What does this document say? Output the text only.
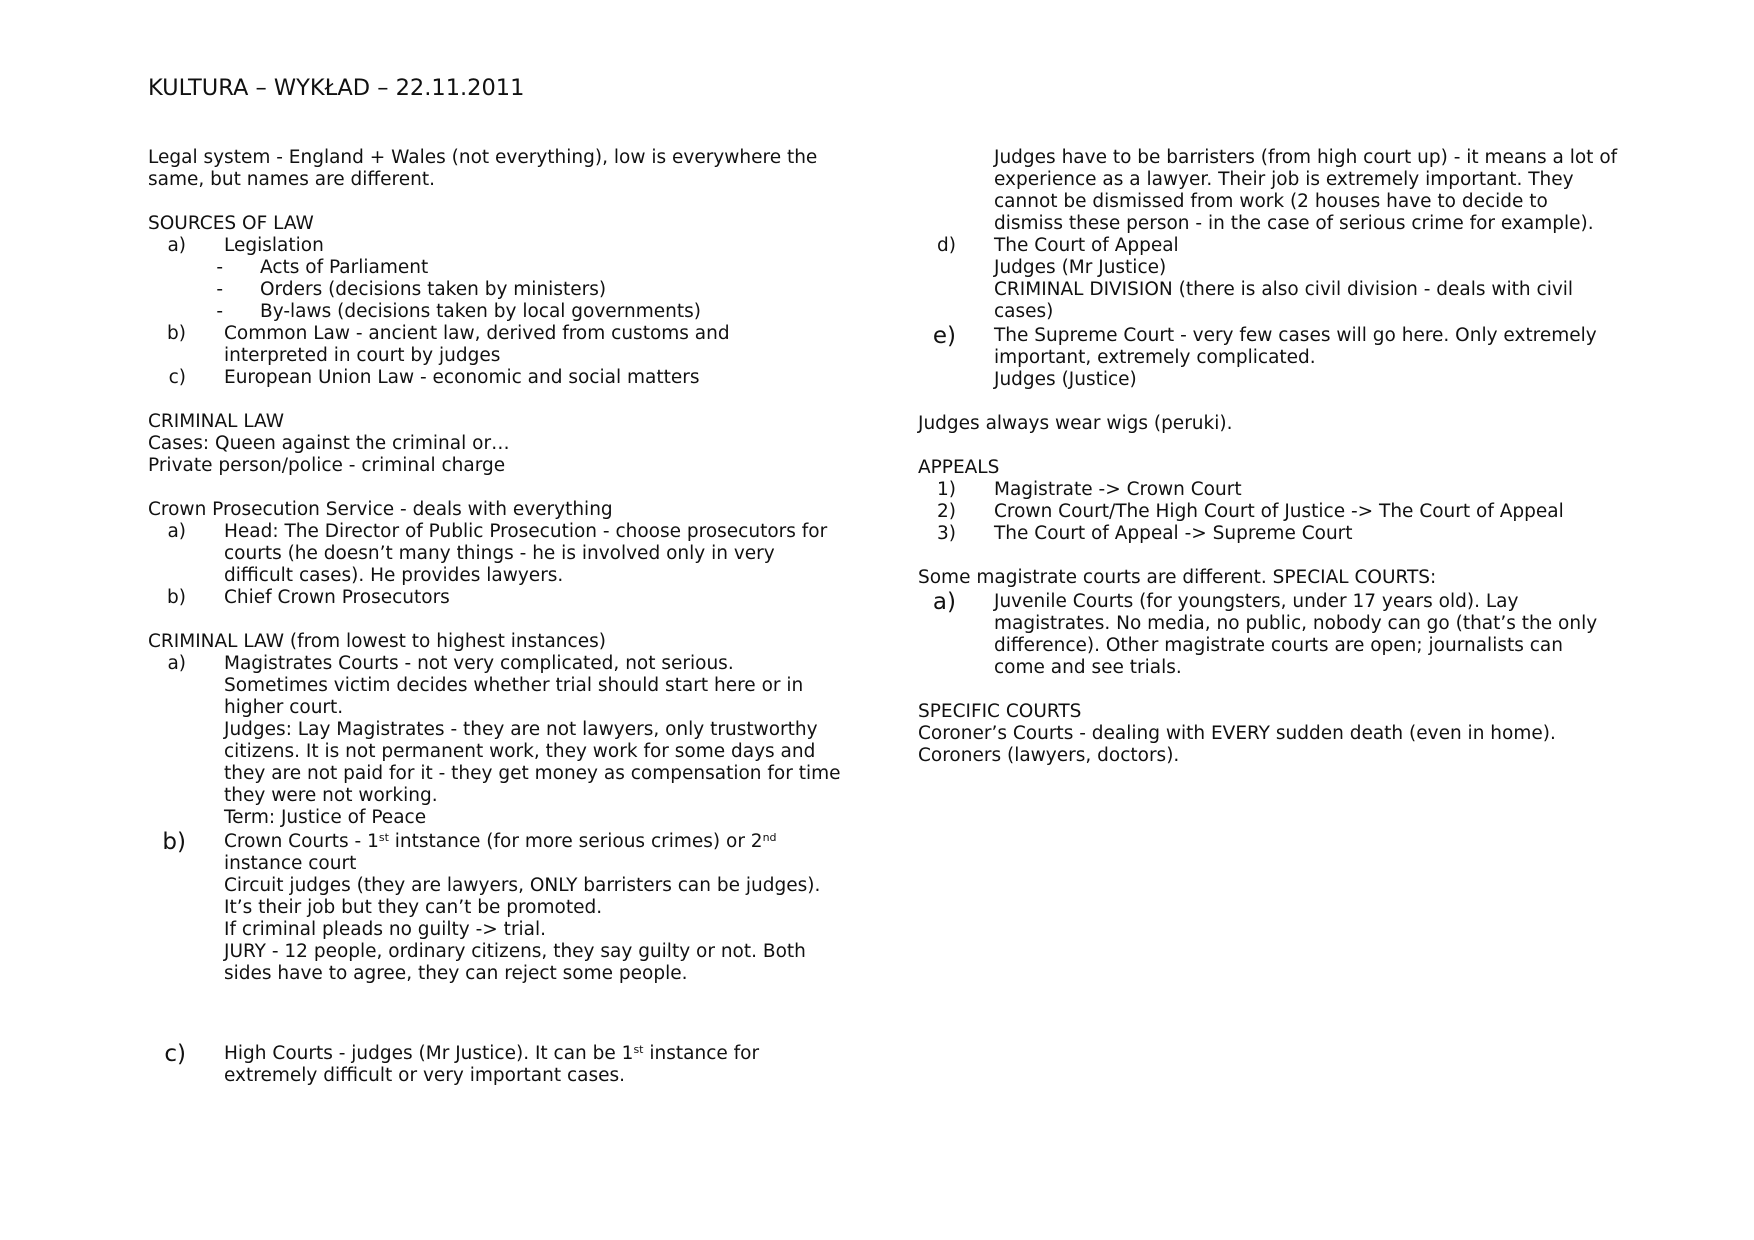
KULTURA – WYKŁAD – 22.11.2011

Legal system - England + Wales (not everything), low is everywhere the same, but names are different.

SOURCES OF LAW

a) Legislation
- Acts of Parliament
- Orders (decisions taken by ministers)
- By-laws (decisions taken by local governments)
b) Common Law - ancient law, derived from customs and interpreted in court by judges
c) European Union Law - economic and social matters

CRIMINAL LAW

Cases: Queen against the criminal or…

Private person/police - criminal charge

Crown Prosecution Service - deals with everything

a) Head: The Director of Public Prosecution - choose prosecutors for courts (he doesn’t many things - he is involved only in very difficult cases). He provides lawyers.
b) Chief Crown Prosecutors

CRIMINAL LAW (from lowest to highest instances)

a) Magistrates Courts - not very complicated, not serious.

Sometimes victim decides whether trial should start here or in higher court.

Judges: Lay Magistrates - they are not lawyers, only trustworthy citizens. It is not permanent work, they work for some days and they are not paid for it - they get money as compensation for time they were not working.

Term: Justice of Peace

b) Crown Courts - 1st intstance (for more serious crimes) or 2nd instance court

Circuit judges (they are lawyers, ONLY barristers can be judges).

It’s their job but they can’t be promoted.

If criminal pleads no guilty -> trial.

JURY - 12 people, ordinary citizens, they say guilty or not. Both sides have to agree, they can reject some people.

c) High Courts - judges (Mr Justice). It can be 1st instance for extremely difficult or very important cases.

Judges have to be barristers (from high court up) - it means a lot of experience as a lawyer. Their job is extremely important. They cannot be dismissed from work (2 houses have to decide to dismiss these person - in the case of serious crime for example).

d) The Court of Appeal

Judges (Mr Justice)

CRIMINAL DIVISION (there is also civil division - deals with civil cases)

e) The Supreme Court - very few cases will go here. Only extremely important, extremely complicated.

Judges (Justice)

Judges always wear wigs (peruki).

APPEALS

1) Magistrate -> Crown Court
2) Crown Court/The High Court of Justice -> The Court of Appeal
3) The Court of Appeal -> Supreme Court

Some magistrate courts are different. SPECIAL COURTS:

a) Juvenile Courts (for youngsters, under 17 years old). Lay magistrates. No media, no public, nobody can go (that’s the only difference). Other magistrate courts are open; journalists can come and see trials.

SPECIFIC COURTS

Coroner’s Courts - dealing with EVERY sudden death (even in home).

Coroners (lawyers, doctors).
